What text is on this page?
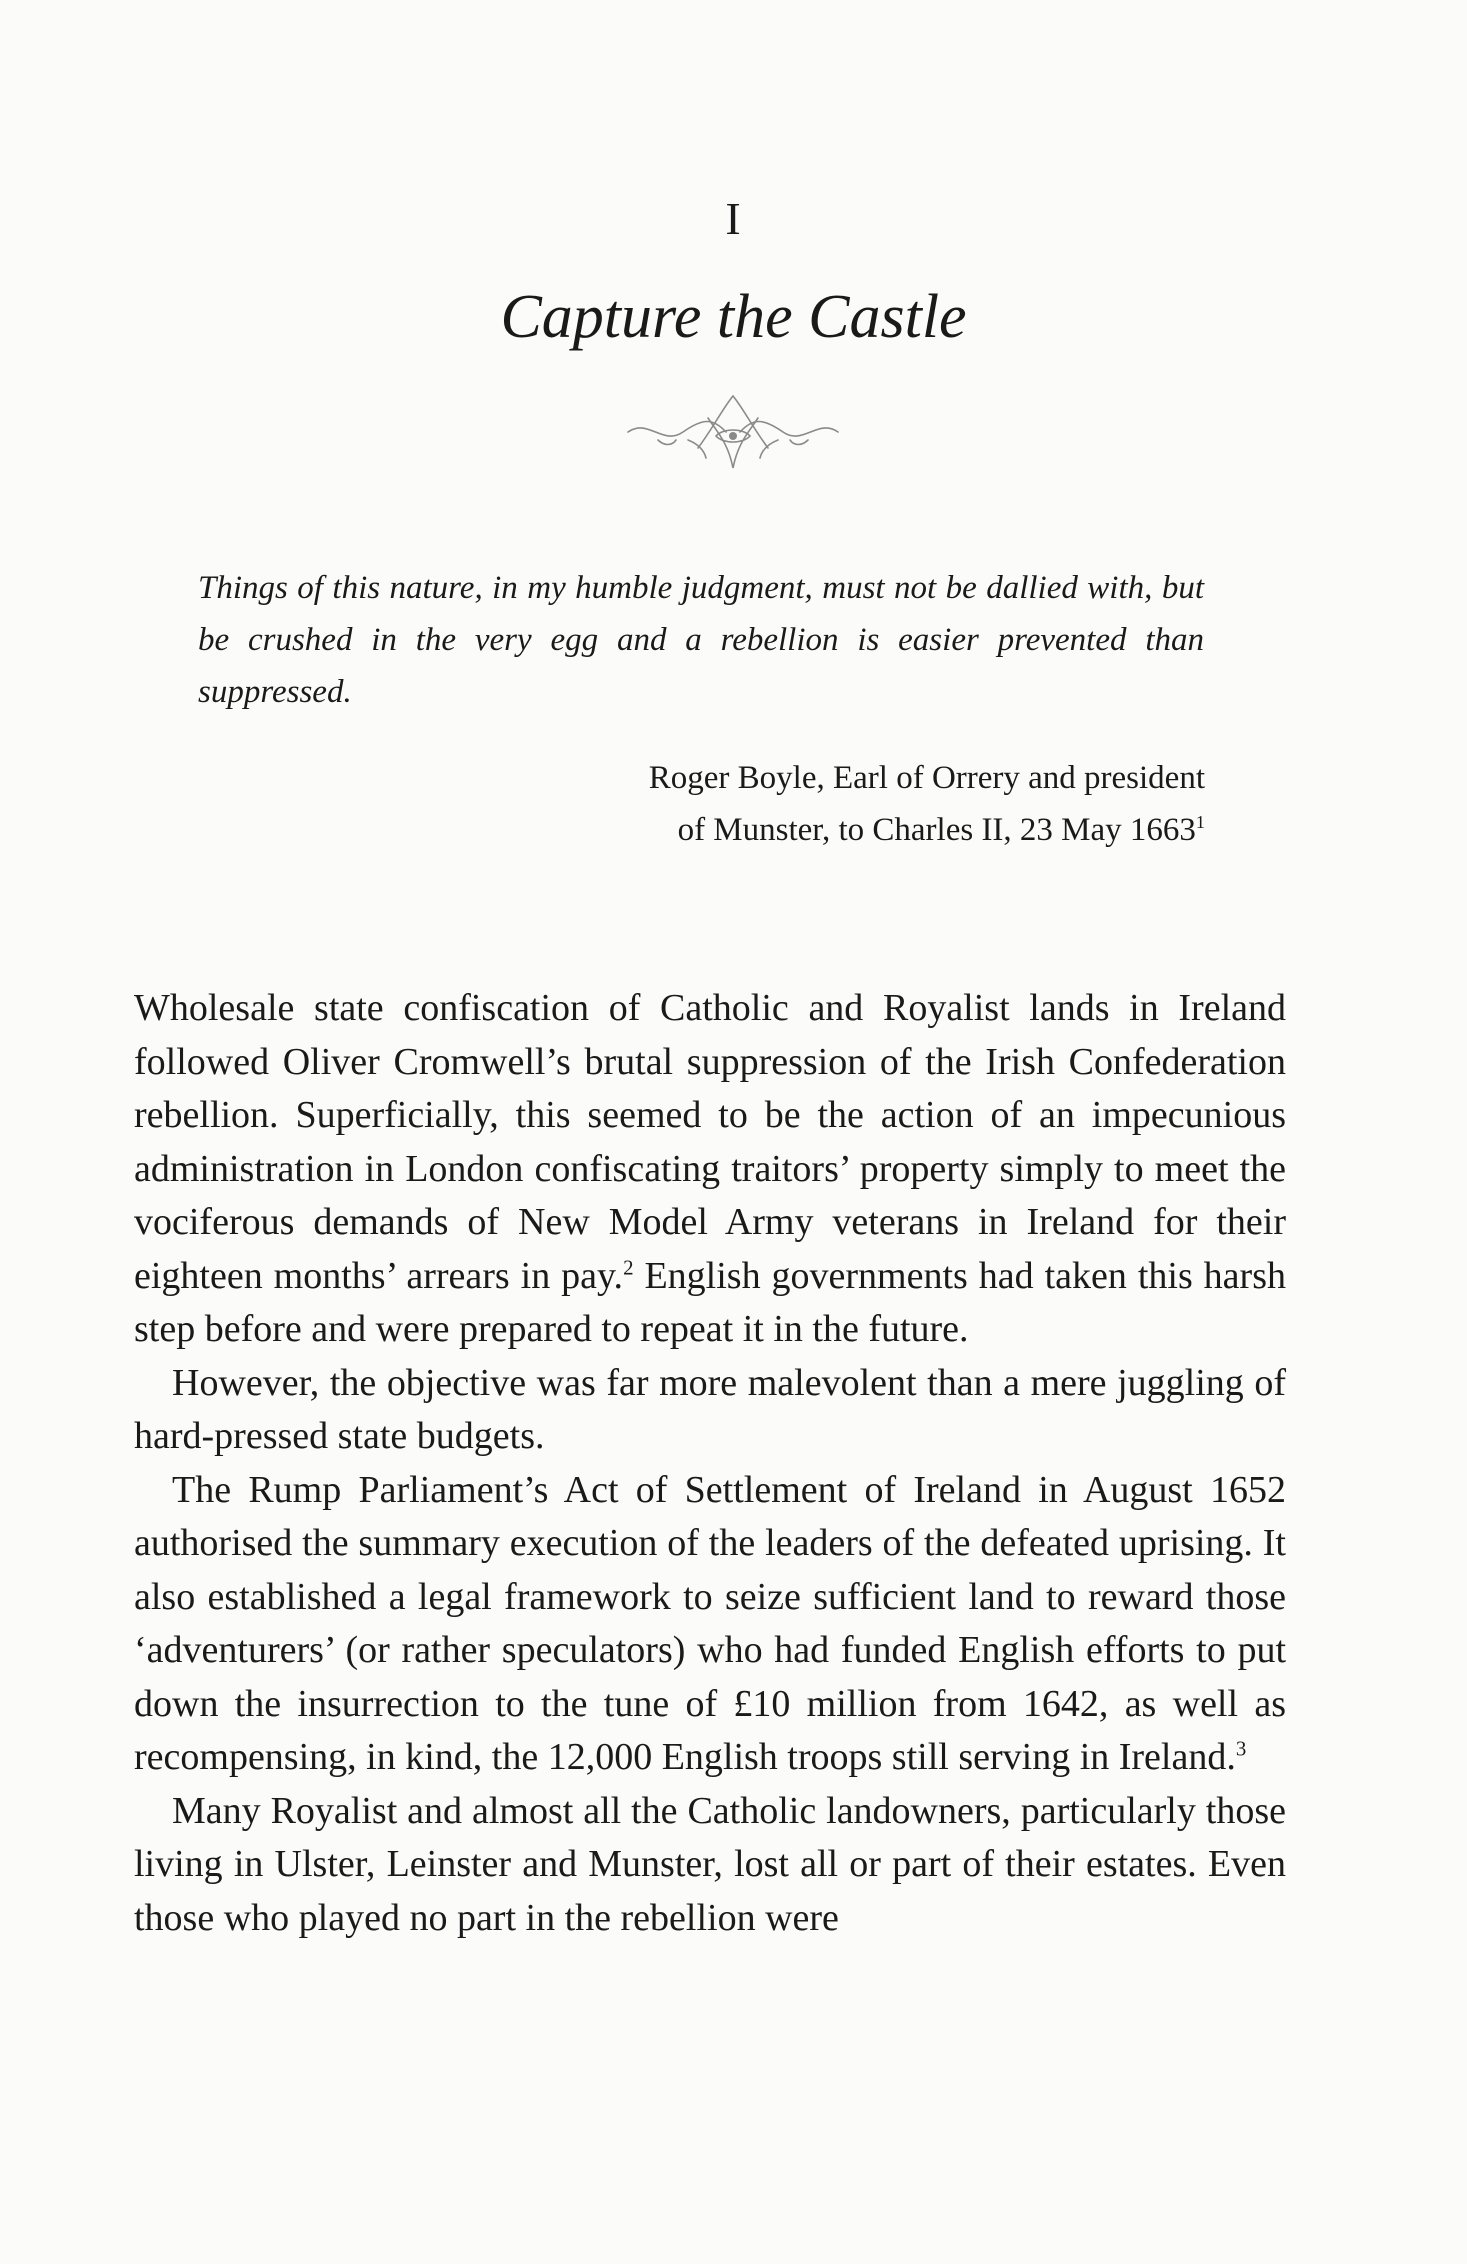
I
Capture the Castle
Things of this nature, in my humble judgment, must not be dallied with, but be crushed in the very egg and a rebellion is easier prevented than suppressed.
Roger Boyle, Earl of Orrery and president
of Munster, to Charles II, 23 May 1663$^1$

Wholesale state confiscation of Catholic and Royalist lands in Ireland followed Oliver Cromwell’s brutal suppression of the Irish Confederation rebellion. Superficially, this seemed to be the action of an impecunious administration in London confiscating traitors’ property simply to meet the vociferous demands of New Model Army veterans in Ireland for their eighteen months’ arrears in pay.$^2$ English governments had taken this harsh step before and were prepared to repeat it in the future.

However, the objective was far more malevolent than a mere juggling of hard-pressed state budgets.

The Rump Parliament’s Act of Settlement of Ireland in August 1652 authorised the summary execution of the leaders of the defeated uprising. It also established a legal framework to seize sufficient land to reward those ‘adventurers’ (or rather speculators) who had funded English efforts to put down the insurrection to the tune of £10 million from 1642, as well as recompensing, in kind, the 12,000 English troops still serving in Ireland.$^3$

Many Royalist and almost all the Catholic landowners, particularly those living in Ulster, Leinster and Munster, lost all or part of their estates. Even those who played no part in the rebellion were
